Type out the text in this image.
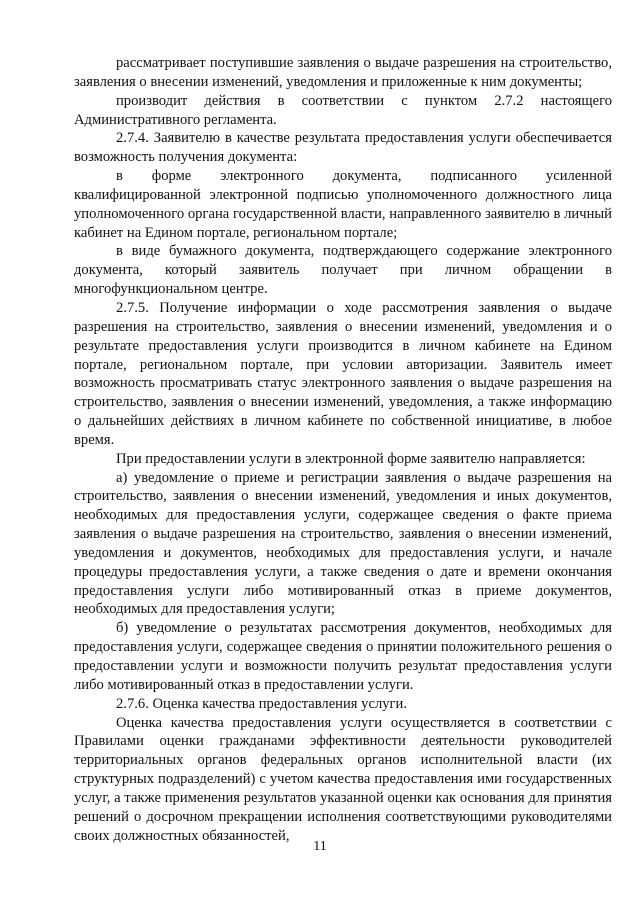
рассматривает поступившие заявления о выдаче разрешения на строительство, заявления о внесении изменений, уведомления и приложенные к ним документы;

производит действия в соответствии с пунктом 2.7.2 настоящего Административного регламента.

2.7.4. Заявителю в качестве результата предоставления услуги обеспечивается возможность получения документа:

в форме электронного документа, подписанного усиленной квалифицированной электронной подписью уполномоченного должностного лица уполномоченного органа государственной власти, направленного заявителю в личный кабинет на Едином портале, региональном портале;

в виде бумажного документа, подтверждающего содержание электронного документа, который заявитель получает при личном обращении в многофункциональном центре.

2.7.5. Получение информации о ходе рассмотрения заявления о выдаче разрешения на строительство, заявления о внесении изменений, уведомления и о результате предоставления услуги производится в личном кабинете на Едином портале, региональном портале, при условии авторизации. Заявитель имеет возможность просматривать статус электронного заявления о выдаче разрешения на строительство, заявления о внесении изменений, уведомления, а также информацию о дальнейших действиях в личном кабинете по собственной инициативе, в любое время.

При предоставлении услуги в электронной форме заявителю направляется:

а) уведомление о приеме и регистрации заявления о выдаче разрешения на строительство, заявления о внесении изменений, уведомления и иных документов, необходимых для предоставления услуги, содержащее сведения о факте приема заявления о выдаче разрешения на строительство, заявления о внесении изменений, уведомления и документов, необходимых для предоставления услуги, и начале процедуры предоставления услуги, а также сведения о дате и времени окончания предоставления услуги либо мотивированный отказ в приеме документов, необходимых для предоставления услуги;

б) уведомление о результатах рассмотрения документов, необходимых для предоставления услуги, содержащее сведения о принятии положительного решения о предоставлении услуги и возможности получить результат предоставления услуги либо мотивированный отказ в предоставлении услуги.

2.7.6. Оценка качества предоставления услуги.

Оценка качества предоставления услуги осуществляется в соответствии с Правилами оценки гражданами эффективности деятельности руководителей территориальных органов федеральных органов исполнительной власти (их структурных подразделений) с учетом качества предоставления ими государственных услуг, а также применения результатов указанной оценки как основания для принятия решений о досрочном прекращении исполнения соответствующими руководителями своих должностных обязанностей,

11
